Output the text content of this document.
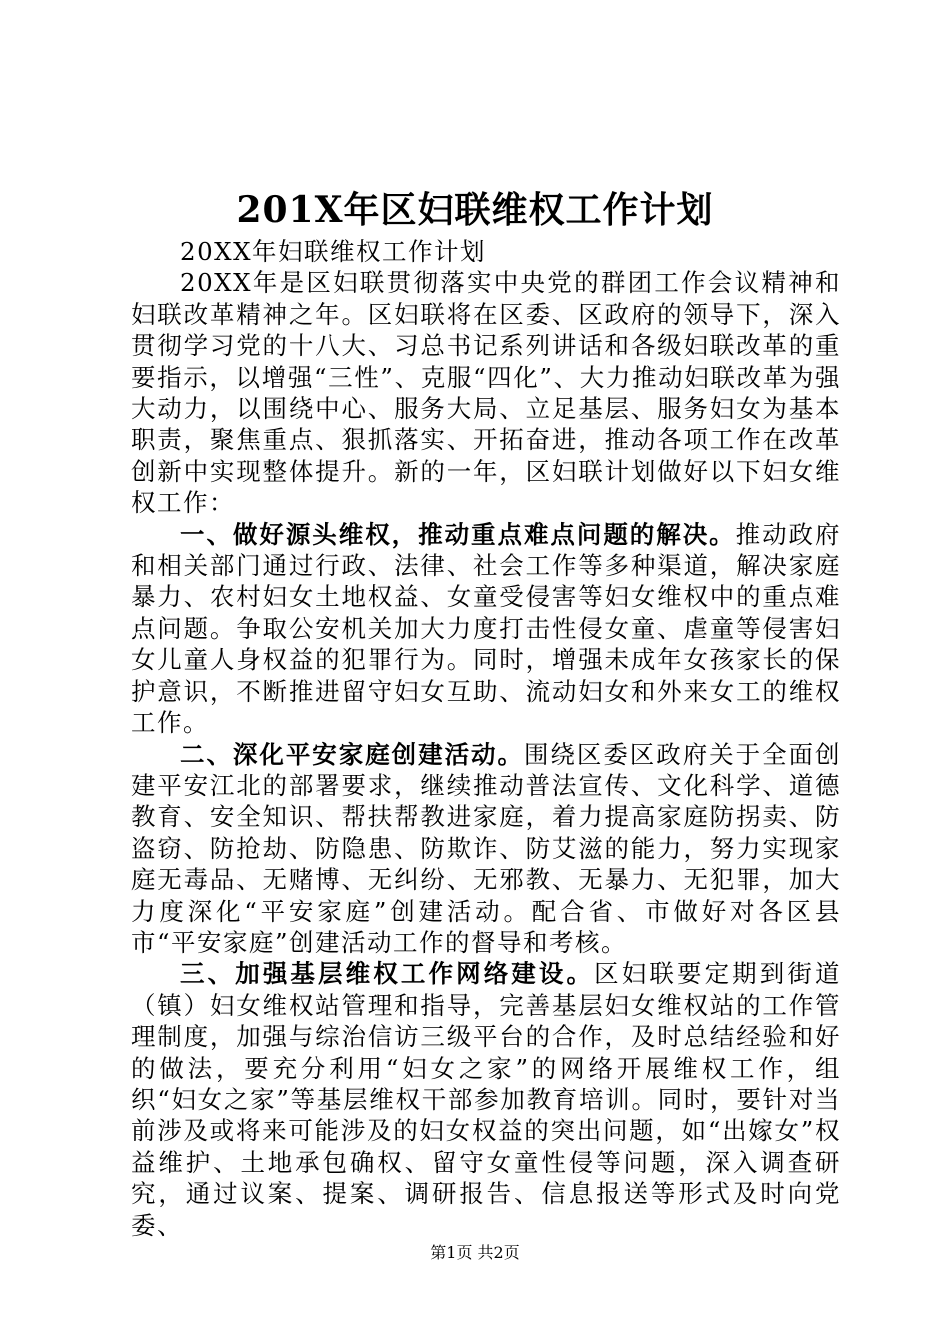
201X年区妇联维权工作计划

20XX年妇联维权工作计划

20XX年是区妇联贯彻落实中央党的群团工作会议精神和妇联改革精神之年。区妇联将在区委、区政府的领导下，深入贯彻学习党的十八大、习总书记系列讲话和各级妇联改革的重要指示，以增强“三性”、克服“四化”、大力推动妇联改革为强大动力，以围绕中心、服务大局、立足基层、服务妇女为基本职责，聚焦重点、狠抓落实、开拓奋进，推动各项工作在改革创新中实现整体提升。新的一年，区妇联计划做好以下妇女维权工作：

一、做好源头维权，推动重点难点问题的解决。推动政府和相关部门通过行政、法律、社会工作等多种渠道，解决家庭暴力、农村妇女土地权益、女童受侵害等妇女维权中的重点难点问题。争取公安机关加大力度打击性侵女童、虐童等侵害妇女儿童人身权益的犯罪行为。同时，增强未成年女孩家长的保护意识，不断推进留守妇女互助、流动妇女和外来女工的维权工作。

二、深化平安家庭创建活动。围绕区委区政府关于全面创建平安江北的部署要求，继续推动普法宣传、文化科学、道德教育、安全知识、帮扶帮教进家庭，着力提高家庭防拐卖、防盗窃、防抢劫、防隐患、防欺诈、防艾滋的能力，努力实现家庭无毒品、无赌博、无纠纷、无邪教、无暴力、无犯罪，加大力度深化“平安家庭”创建活动。配合省、市做好对各区县市“平安家庭”创建活动工作的督导和考核。

三、加强基层维权工作网络建设。区妇联要定期到街道（镇）妇女维权站管理和指导，完善基层妇女维权站的工作管理制度，加强与综治信访三级平台的合作，及时总结经验和好的做法，要充分利用“妇女之家”的网络开展维权工作，组织“妇女之家”等基层维权干部参加教育培训。同时，要针对当前涉及或将来可能涉及的妇女权益的突出问题，如“出嫁女”权益维护、土地承包确权、留守女童性侵等问题，深入调查研究，通过议案、提案、调研报告、信息报送等形式及时向党委、

第1页 共2页
